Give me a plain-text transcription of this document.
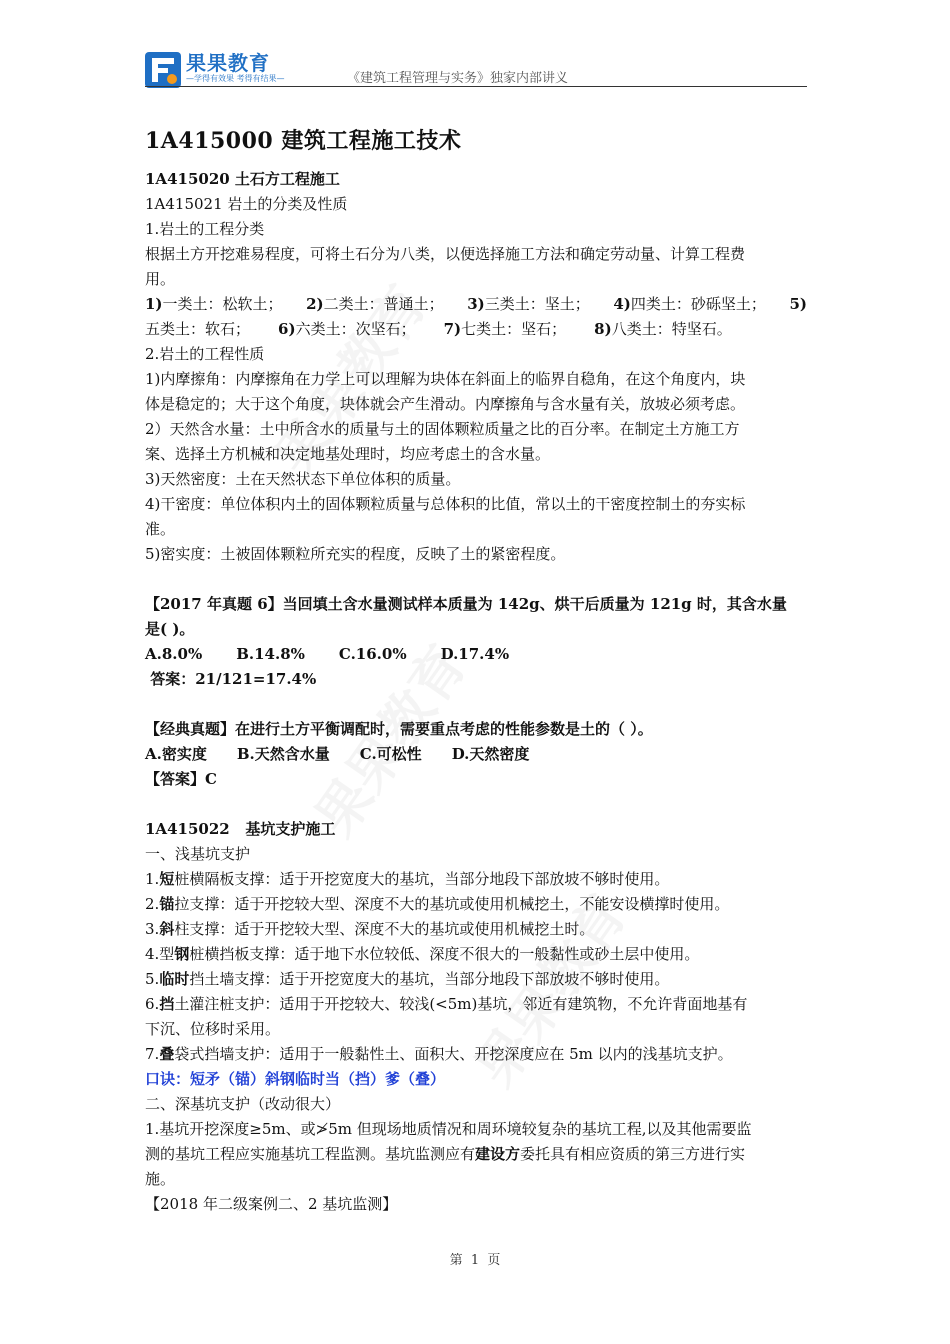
果果教育
—学得有效果 考得有结果—	《建筑工程管理与实务》独家内部讲义
1A415000 建筑工程施工技术

1A415020 土石方工程施工

1A415021 岩土的分类及性质

1.岩土的工程分类

根据土方开挖难易程度，可将土石分为八类，以便选择施工方法和确定劳动量、计算工程费

用。

1)一类土：松软土； 2)二类土：普通土； 3)三类土：坚土； 4)四类土：砂砾坚土； 5)
五类土：软石； 6)六类土：次坚石； 7)七类土：坚石； 8)八类土：特坚石。

2.岩土的工程性质

1)内摩擦角：内摩擦角在力学上可以理解为块体在斜面上的临界自稳角，在这个角度内，块

体是稳定的；大于这个角度，块体就会产生滑动。内摩擦角与含水量有关，放坡必须考虑。

2）天然含水量：土中所含水的质量与土的固体颗粒质量之比的百分率。在制定土方施工方

案、选择土方机械和决定地基处理时，均应考虑土的含水量。

3)天然密度：土在天然状态下单位体积的质量。

4)干密度：单位体积内土的固体颗粒质量与总体积的比值，常以土的干密度控制土的夯实标

准。

5)密实度：土被固体颗粒所充实的程度，反映了土的紧密程度。

【2017 年真题 6】当回填土含水量测试样本质量为 142g、烘干后质量为 121g 时，其含水量

是( )。

A.8.0% B.14.8% C.16.0% D.17.4%

答案：21/121=17.4%

【经典真题】在进行土方平衡调配时，需要重点考虑的性能参数是土的（ ）。

A.密实度 B.天然含水量 C.可松性 D.天然密度

【答案】C

1A415022   基坑支护施工

一、浅基坑支护

1.短桩横隔板支撑：适于开挖宽度大的基坑，当部分地段下部放坡不够时使用。

2.锚拉支撑：适于开挖较大型、深度不大的基坑或使用机械挖土，不能安设横撑时使用。

3.斜柱支撑：适于开挖较大型、深度不大的基坑或使用机械挖土时。

4.型钢桩横挡板支撑：适于地下水位较低、深度不很大的一般黏性或砂土层中使用。

5.临时挡土墙支撑：适于开挖宽度大的基坑，当部分地段下部放坡不够时使用。

6.挡土灌注桩支护：适用于开挖较大、较浅(<5m)基坑，邻近有建筑物，不允许背面地基有

下沉、位移时采用。

7.叠袋式挡墙支护：适用于一般黏性土、面积大、开挖深度应在 5m 以内的浅基坑支护。

口诀：短矛（锚）斜钢临时当（挡）爹（叠）

二、深基坑支护（改动很大）

1.基坑开挖深度≥5m、或≯5m 但现场地质情况和周环境较复杂的基坑工程,以及其他需要监

测的基坑工程应实施基坑工程监测。基坑监测应有建设方委托具有相应资质的第三方进行实

施。

【2018 年二级案例二、2 基坑监测】

第  1  页
